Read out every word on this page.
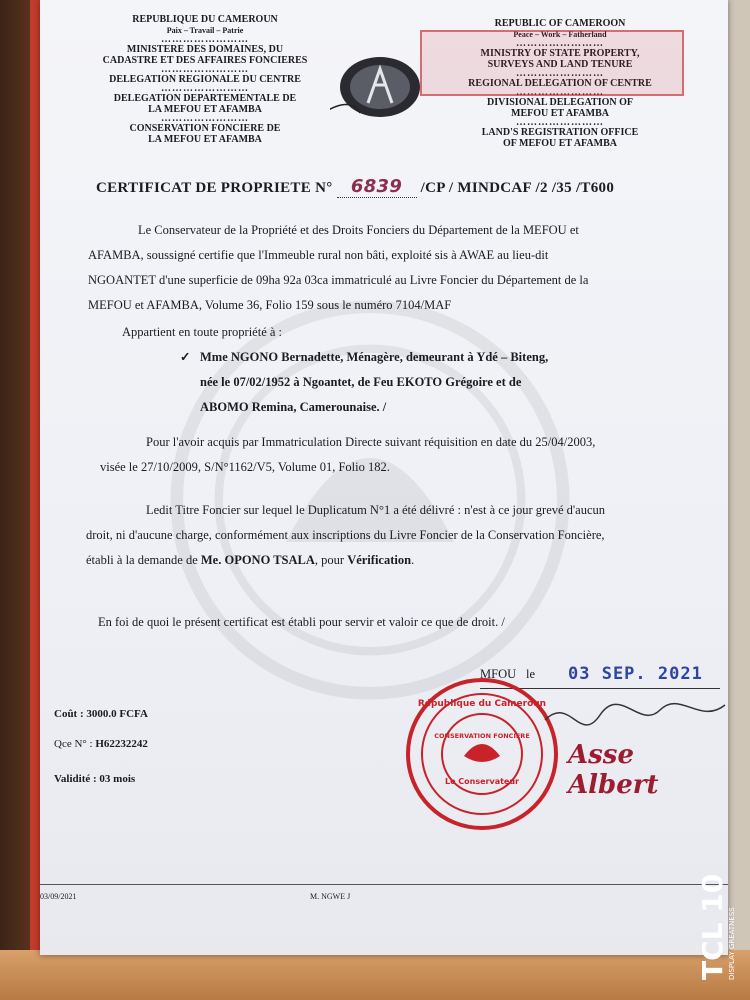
REPUBLIQUE DU CAMEROUN
Paix – Travail – Patrie
……………………
MINISTERE DES DOMAINES, DU
CADASTRE ET DES AFFAIRES FONCIERES
……………………
DELEGATION REGIONALE DU CENTRE
……………………
DELEGATION DEPARTEMENTALE DE
LA MEFOU ET AFAMBA
……………………
CONSERVATION FONCIERE DE
LA MEFOU ET AFAMBA
REPUBLIC OF CAMEROON
Peace – Work – Fatherland
……………………
MINISTRY OF STATE PROPERTY,
SURVEYS AND LAND TENURE
……………………
REGIONAL DELEGATION OF CENTRE
……………………
DIVISIONAL DELEGATION OF
MEFOU ET AFAMBA
……………………
LAND'S REGISTRATION OFFICE
OF MEFOU ET AFAMBA
CERTIFICAT DE PROPRIETE N° 6839 /CP / MINDCAF /2 /35 /T600
Le Conservateur de la Propriété et des Droits Fonciers du Département de la MEFOU et
AFAMBA, soussigné certifie que l'Immeuble rural non bâti, exploité sis à AWAE au lieu-dit
NGOANTET d'une superficie de 09ha 92a 03ca immatriculé au Livre Foncier du Département de la
MEFOU et AFAMBA, Volume 36, Folio 159 sous le numéro 7104/MAF
Appartient en toute propriété à :
✓ Mme NGONO Bernadette, Ménagère, demeurant à Ydé – Biteng,
née le 07/02/1952 à Ngoantet, de Feu EKOTO Grégoire et de
ABOMO Remina, Camerounaise. /
Pour l'avoir acquis par Immatriculation Directe suivant réquisition en date du 25/04/2003,
visée le 27/10/2009, S/N°1162/V5, Volume 01, Folio 182.
Ledit Titre Foncier sur lequel le Duplicatum N°1 a été délivré : n'est à ce jour grevé d'aucun
droit, ni d'aucune charge, conformément aux inscriptions du Livre Foncier de la Conservation Foncière,
établi à la demande de Me. OPONO TSALA, pour Vérification.
En foi de quoi le présent certificat est établi pour servir et valoir ce que de droit. /
MFOU le 03 SEP. 2021
Coût : 3000.0 FCFA
Qce N° : H62232242
Validité : 03 mois
République du Cameroun
CONSERVATION FONCIERE
Le Conservateur
Asse Albert
03/09/2021	M. NGWE J	TCL 10 DISPLAY GREATNESS
